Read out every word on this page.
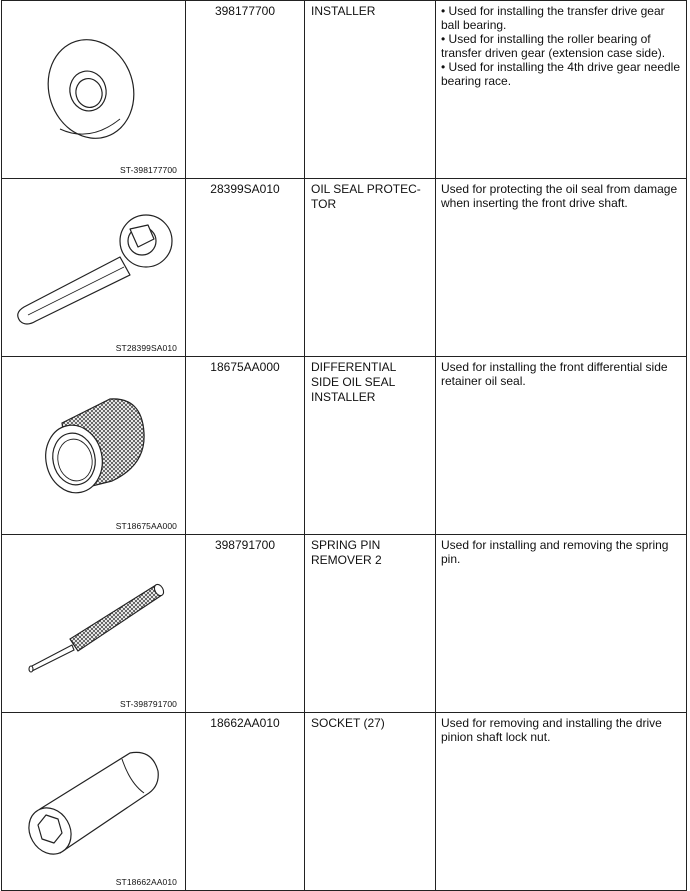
ST-398177700	398177700	INSTALLER	• Used for installing the transfer drive gear ball bearing.
• Used for installing the roller bearing of transfer driven gear (extension case side).
• Used for installing the 4th drive gear needle bearing race.

ST28399SA010	28399SA010	OIL SEAL PROTEC-
TOR	Used for protecting the oil seal from damage when inserting the front drive shaft.

ST18675AA000	18675AA000	DIFFERENTIAL
SIDE OIL SEAL
INSTALLER	Used for installing the front differential side retainer oil seal.

ST-398791700	398791700	SPRING PIN
REMOVER 2	Used for installing and removing the spring pin.

ST18662AA010	18662AA010	SOCKET (27)	Used for removing and installing the drive pinion shaft lock nut.
